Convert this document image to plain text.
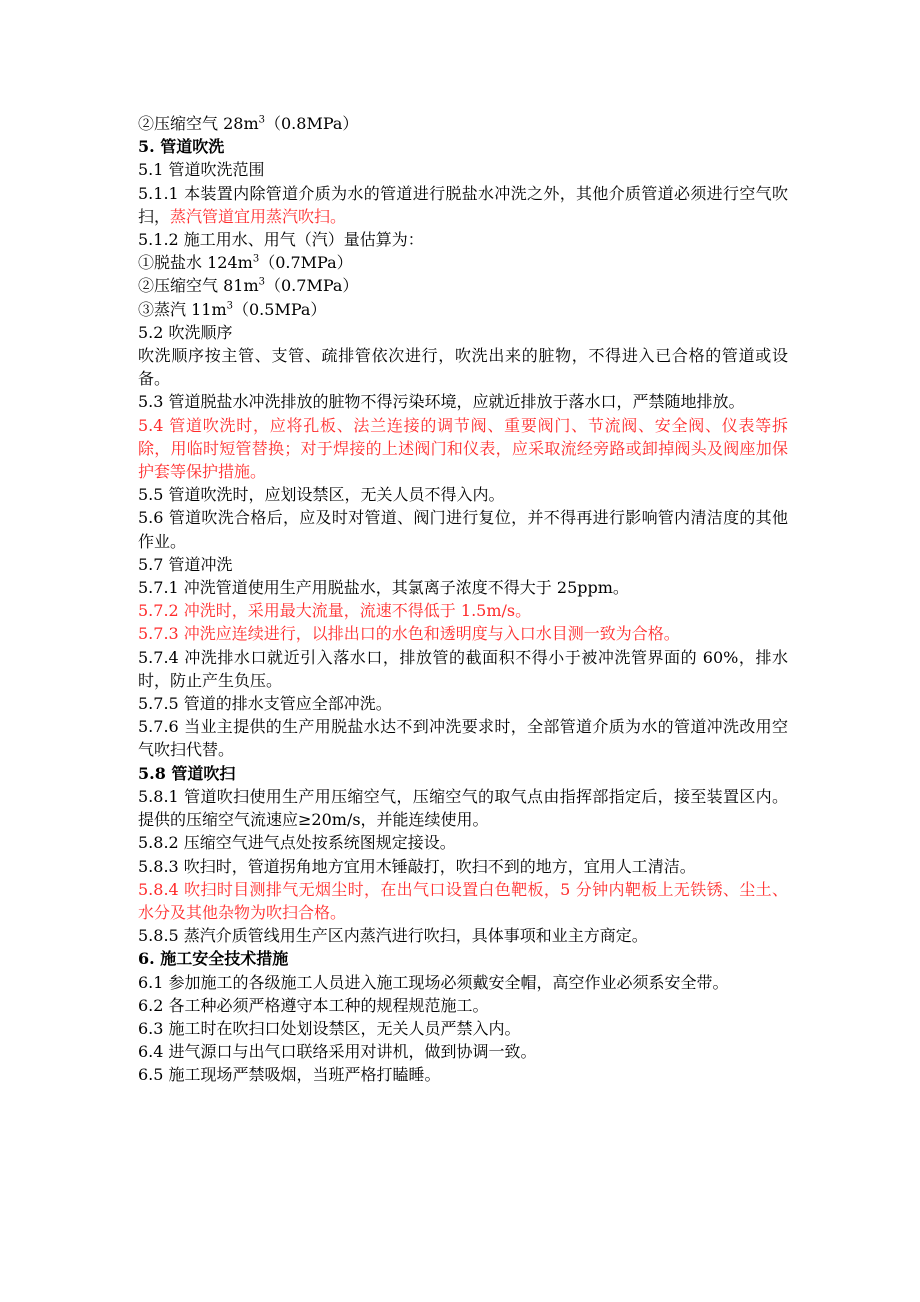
②压缩空气 $28m^3(0.8MPa)$
5. 管道吹洗
5.1 管道吹洗范围
5.1.1 本装置内除管道介质为水的管道进行脱盐水冲洗之外，其他介质管道必须进行空气吹扫，蒸汽管道宜用蒸汽吹扫。
5.1.2 施工用水、用气（汽）量估算为：
①脱盐水 $124m^3(0.7MPa)$
②压缩空气 $81m^3(0.7MPa)$
③蒸汽 $11m^3(0.5MPa)$
5.2 吹洗顺序
吹洗顺序按主管、支管、疏排管依次进行，吹洗出来的脏物，不得进入已合格的管道或设备。
5.3 管道脱盐水冲洗排放的脏物不得污染环境，应就近排放于落水口，严禁随地排放。
5.4 管道吹洗时，应将孔板、法兰连接的调节阀、重要阀门、节流阀、安全阀、仪表等拆除，用临时短管替换；对于焊接的上述阀门和仪表，应采取流经旁路或卸掉阀头及阀座加保护套等保护措施。
5.5 管道吹洗时，应划设禁区，无关人员不得入内。
5.6 管道吹洗合格后，应及时对管道、阀门进行复位，并不得再进行影响管内清洁度的其他作业。
5.7 管道冲洗
5.7.1 冲洗管道使用生产用脱盐水，其氯离子浓度不得大于 25ppm。
5.7.2 冲洗时，采用最大流量，流速不得低于 1.5m/s。
5.7.3 冲洗应连续进行，以排出口的水色和透明度与入口水目测一致为合格。
5.7.4 冲洗排水口就近引入落水口，排放管的截面积不得小于被冲洗管界面的 60%，排水时，防止产生负压。
5.7.5 管道的排水支管应全部冲洗。
5.7.6 当业主提供的生产用脱盐水达不到冲洗要求时，全部管道介质为水的管道冲洗改用空气吹扫代替。
5.8 管道吹扫
5.8.1 管道吹扫使用生产用压缩空气，压缩空气的取气点由指挥部指定后，接至装置区内。提供的压缩空气流速应≥20m/s，并能连续使用。
5.8.2 压缩空气进气点处按系统图规定接设。
5.8.3 吹扫时，管道拐角地方宜用木锤敲打，吹扫不到的地方，宜用人工清洁。
5.8.4 吹扫时目测排气无烟尘时，在出气口设置白色靶板，5 分钟内靶板上无铁锈、尘土、水分及其他杂物为吹扫合格。
5.8.5 蒸汽介质管线用生产区内蒸汽进行吹扫，具体事项和业主方商定。
6. 施工安全技术措施
6.1 参加施工的各级施工人员进入施工现场必须戴安全帽，高空作业必须系安全带。
6.2 各工种必须严格遵守本工种的规程规范施工。
6.3 施工时在吹扫口处划设禁区，无关人员严禁入内。
6.4 进气源口与出气口联络采用对讲机，做到协调一致。
6.5 施工现场严禁吸烟，当班严格打瞌睡。
